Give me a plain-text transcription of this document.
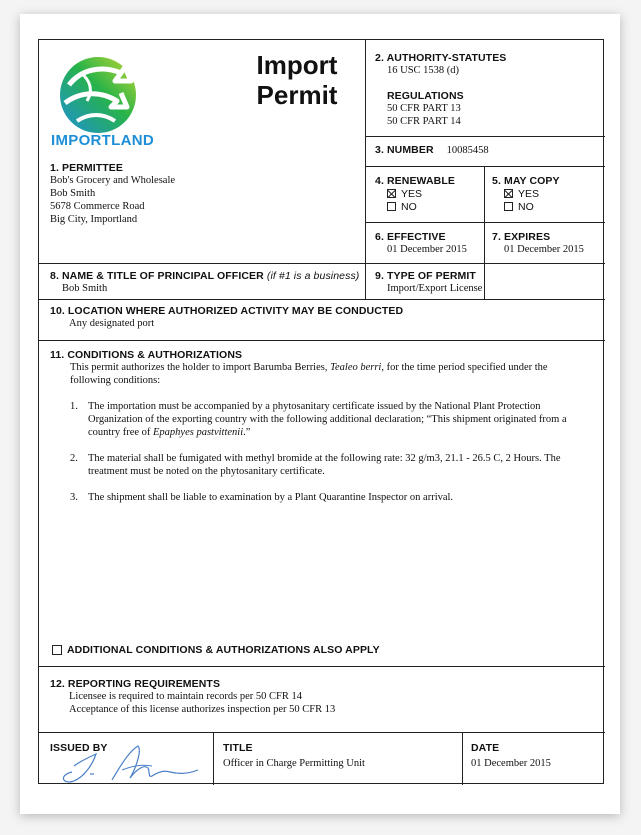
IMPORTLAND
Import
Permit
1. PERMITTEE
Bob's Grocery and Wholesale
Bob Smith
5678 Commerce Road
Big City, Importland
2. AUTHORITY-STATUTES
16 USC 1538 (d)
REGULATIONS
50 CFR PART 13
50 CFR PART 14
3. NUMBER 10085458
4. RENEWABLE
YES
NO
5. MAY COPY
YES
NO
6. EFFECTIVE
01 December 2015
7. EXPIRES
01 December 2015
8. NAME & TITLE OF PRINCIPAL OFFICER (if #1 is a business)
Bob Smith
9. TYPE OF PERMIT
Import/Export License
10. LOCATION WHERE AUTHORIZED ACTIVITY MAY BE CONDUCTED
Any designated port
11. CONDITIONS & AUTHORIZATIONS
This permit authorizes the holder to import Barumba Berries, Tealeo berri, for the time period specified under the following conditions:
1. The importation must be accompanied by a phytosanitary certificate issued by the National Plant Protection Organization of the exporting country with the following additional declaration; “This shipment originated from a country free of Epaphyes pastvittenii.”
2. The material shall be fumigated with methyl bromide at the following rate: 32 g/m3, 21.1 - 26.5 C, 2 Hours. The treatment must be noted on the phytosanitary certificate.
3. The shipment shall be liable to examination by a Plant Quarantine Inspector on arrival.
ADDITIONAL CONDITIONS & AUTHORIZATIONS ALSO APPLY
12. REPORTING REQUIREMENTS
Licensee is required to maintain records per 50 CFR 14
Acceptance of this license authorizes inspection per 50 CFR 13
ISSUED BY	TITLE
Officer in Charge Permitting Unit
DATE
01 December 2015
